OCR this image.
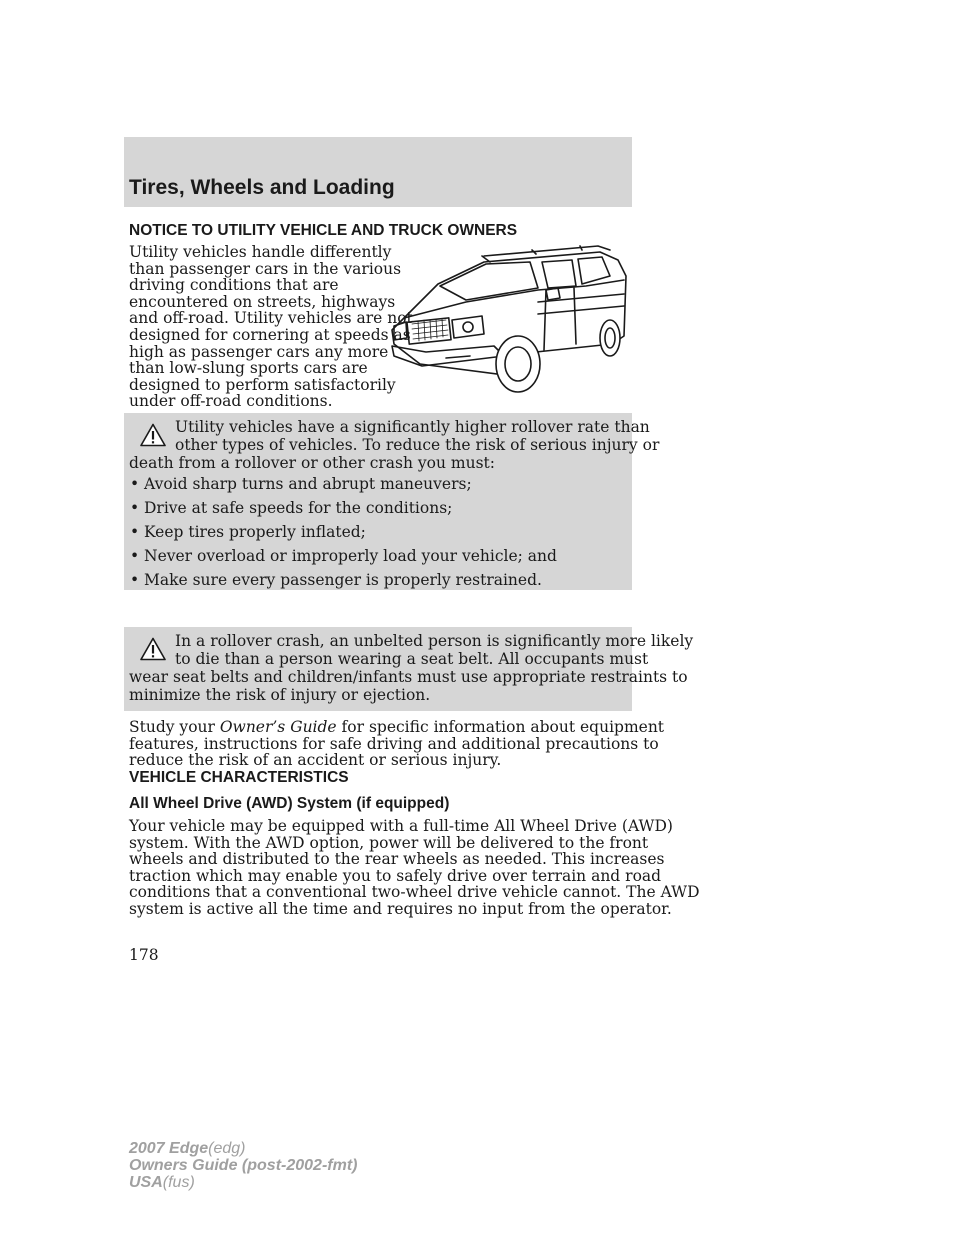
Tires, Wheels and Loading
NOTICE TO UTILITY VEHICLE AND TRUCK OWNERS
Utility vehicles handle differently
than passenger cars in the various
driving conditions that are
encountered on streets, highways
and off-road. Utility vehicles are not
designed for cornering at speeds as
high as passenger cars any more
than low-slung sports cars are
designed to perform satisfactorily
under off-road conditions.
Utility vehicles have a significantly higher rollover rate than
other types of vehicles. To reduce the risk of serious injury or
death from a rollover or other crash you must:
• Avoid sharp turns and abrupt maneuvers;
• Drive at safe speeds for the conditions;
• Keep tires properly inflated;
• Never overload or improperly load your vehicle; and
• Make sure every passenger is properly restrained.
In a rollover crash, an unbelted person is significantly more likely
to die than a person wearing a seat belt. All occupants must
wear seat belts and children/infants must use appropriate restraints to
minimize the risk of injury or ejection.
Study your Owner’s Guide for specific information about equipment
features, instructions for safe driving and additional precautions to
reduce the risk of an accident or serious injury.
VEHICLE CHARACTERISTICS
All Wheel Drive (AWD) System (if equipped)
Your vehicle may be equipped with a full-time All Wheel Drive (AWD)
system. With the AWD option, power will be delivered to the front
wheels and distributed to the rear wheels as needed. This increases
traction which may enable you to safely drive over terrain and road
conditions that a conventional two-wheel drive vehicle cannot. The AWD
system is active all the time and requires no input from the operator.
178
2007 Edge(edg)
Owners Guide (post-2002-fmt)
USA(fus)
